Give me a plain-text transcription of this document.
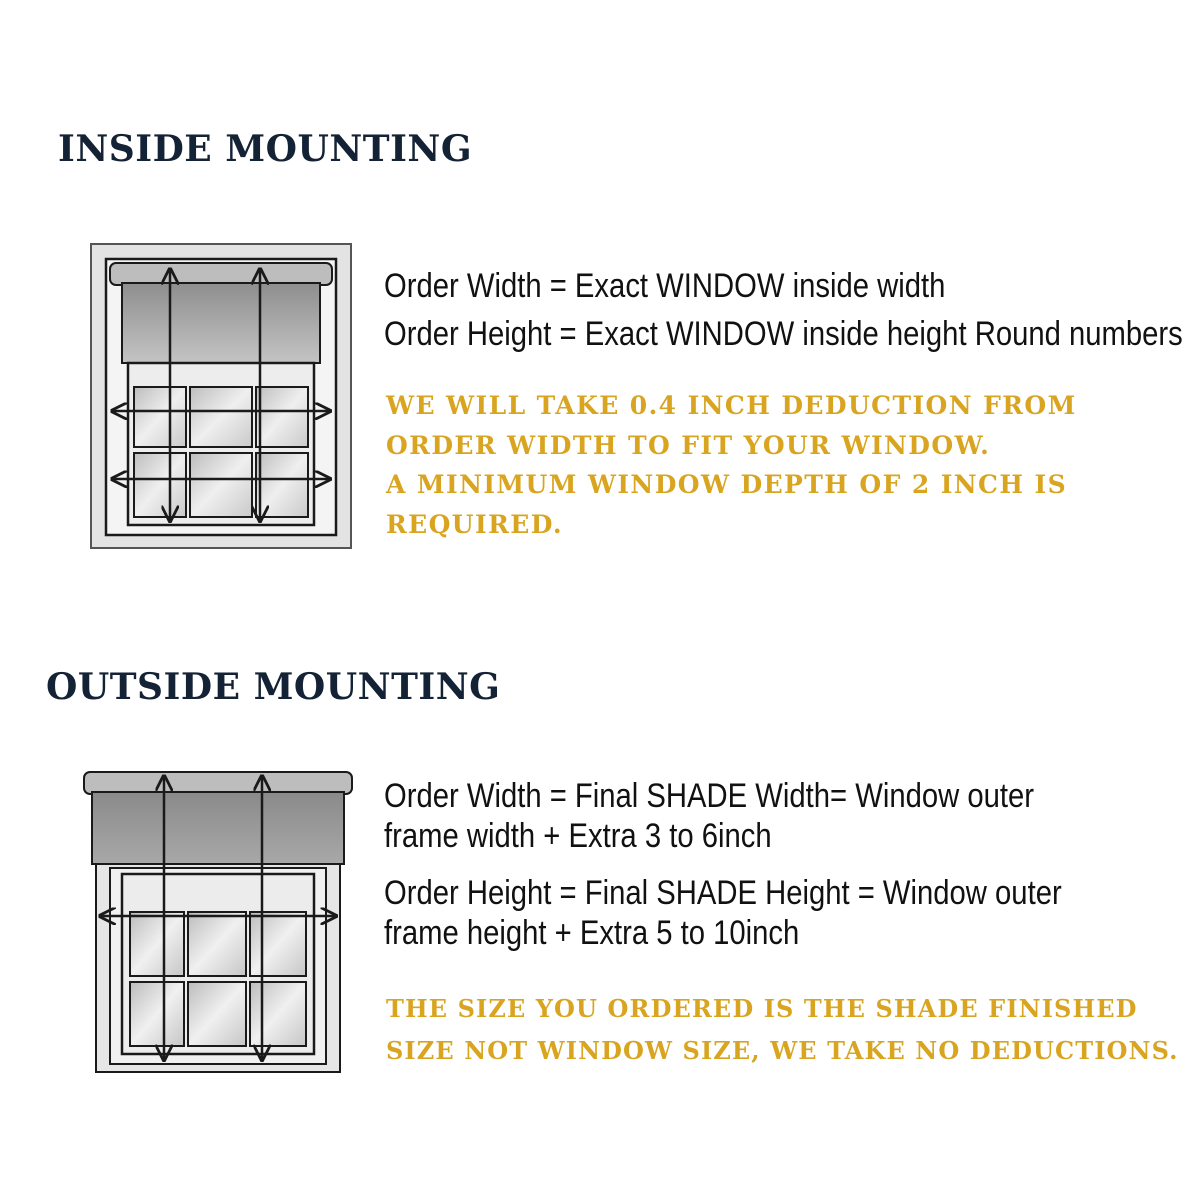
INSIDE MOUNTING
Order Width = Exact WINDOW inside width
Order Height = Exact WINDOW inside height Round numbers
WE WILL TAKE 0.4 INCH DEDUCTION FROM
ORDER WIDTH TO FIT YOUR WINDOW.
A MINIMUM WINDOW DEPTH OF 2 INCH IS
REQUIRED.
OUTSIDE MOUNTING
Order Width = Final SHADE Width= Window outer
frame width + Extra 3 to 6inch
Order Height = Final SHADE Height = Window outer
frame height + Extra 5 to 10inch
THE SIZE YOU ORDERED IS THE SHADE FINISHED
SIZE NOT WINDOW SIZE, WE TAKE NO DEDUCTIONS.
